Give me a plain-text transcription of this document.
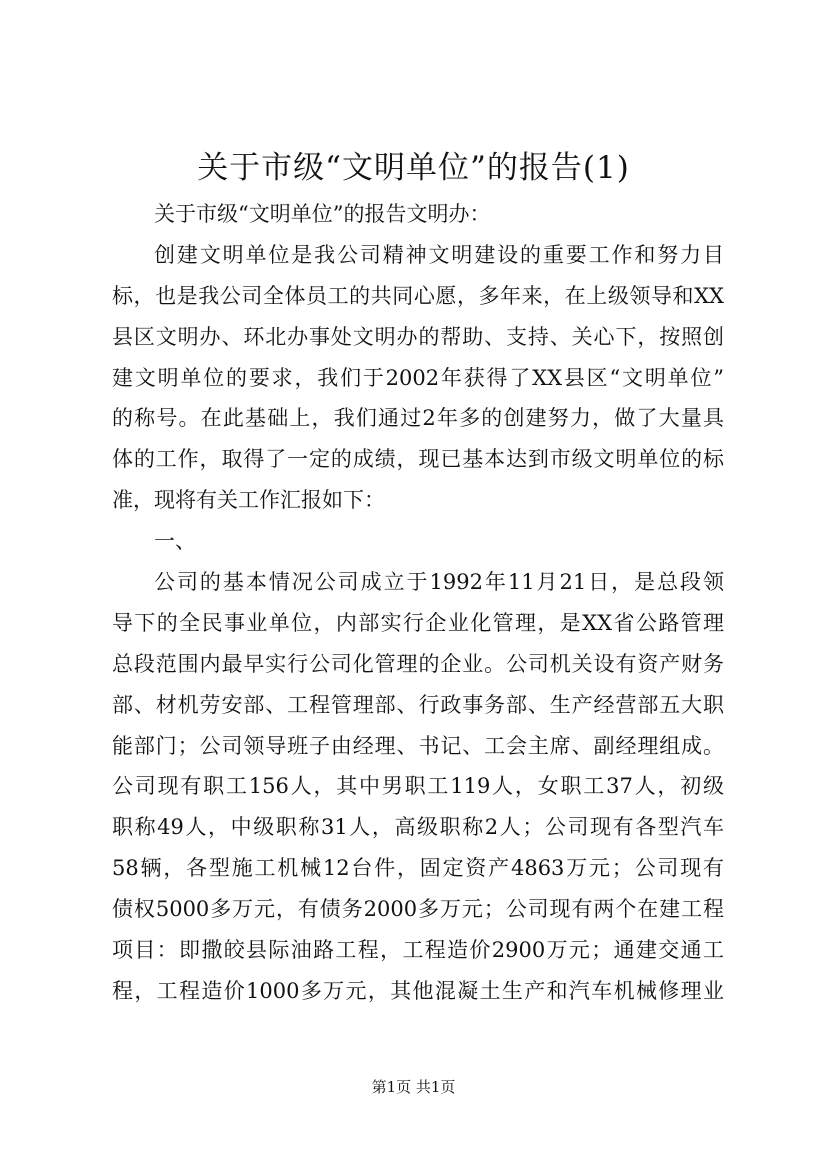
关于市级“文明单位”的报告(1)
关于市级“文明单位”的报告文明办：
创建文明单位是我公司精神文明建设的重要工作和努力目
标，也是我公司全体员工的共同心愿，多年来，在上级领导和XX
县区文明办、环北办事处文明办的帮助、支持、关心下，按照创
建文明单位的要求，我们于2002年获得了XX县区“文明单位”
的称号。在此基础上，我们通过2年多的创建努力，做了大量具
体的工作，取得了一定的成绩，现已基本达到市级文明单位的标
准，现将有关工作汇报如下：
一、
公司的基本情况公司成立于1992年11月21日，是总段领
导下的全民事业单位，内部实行企业化管理，是XX省公路管理
总段范围内最早实行公司化管理的企业。公司机关设有资产财务
部、材机劳安部、工程管理部、行政事务部、生产经营部五大职
能部门；公司领导班子由经理、书记、工会主席、副经理组成。
公司现有职工156人，其中男职工119人，女职工37人，初级
职称49人，中级职称31人，高级职称2人；公司现有各型汽车
58辆，各型施工机械12台件，固定资产4863万元；公司现有
债权5000多万元，有债务2000多万元；公司现有两个在建工程
项目：即撒皎县际油路工程，工程造价2900万元；通建交通工
程，工程造价1000多万元，其他混凝土生产和汽车机械修理业
第1页 共1页
